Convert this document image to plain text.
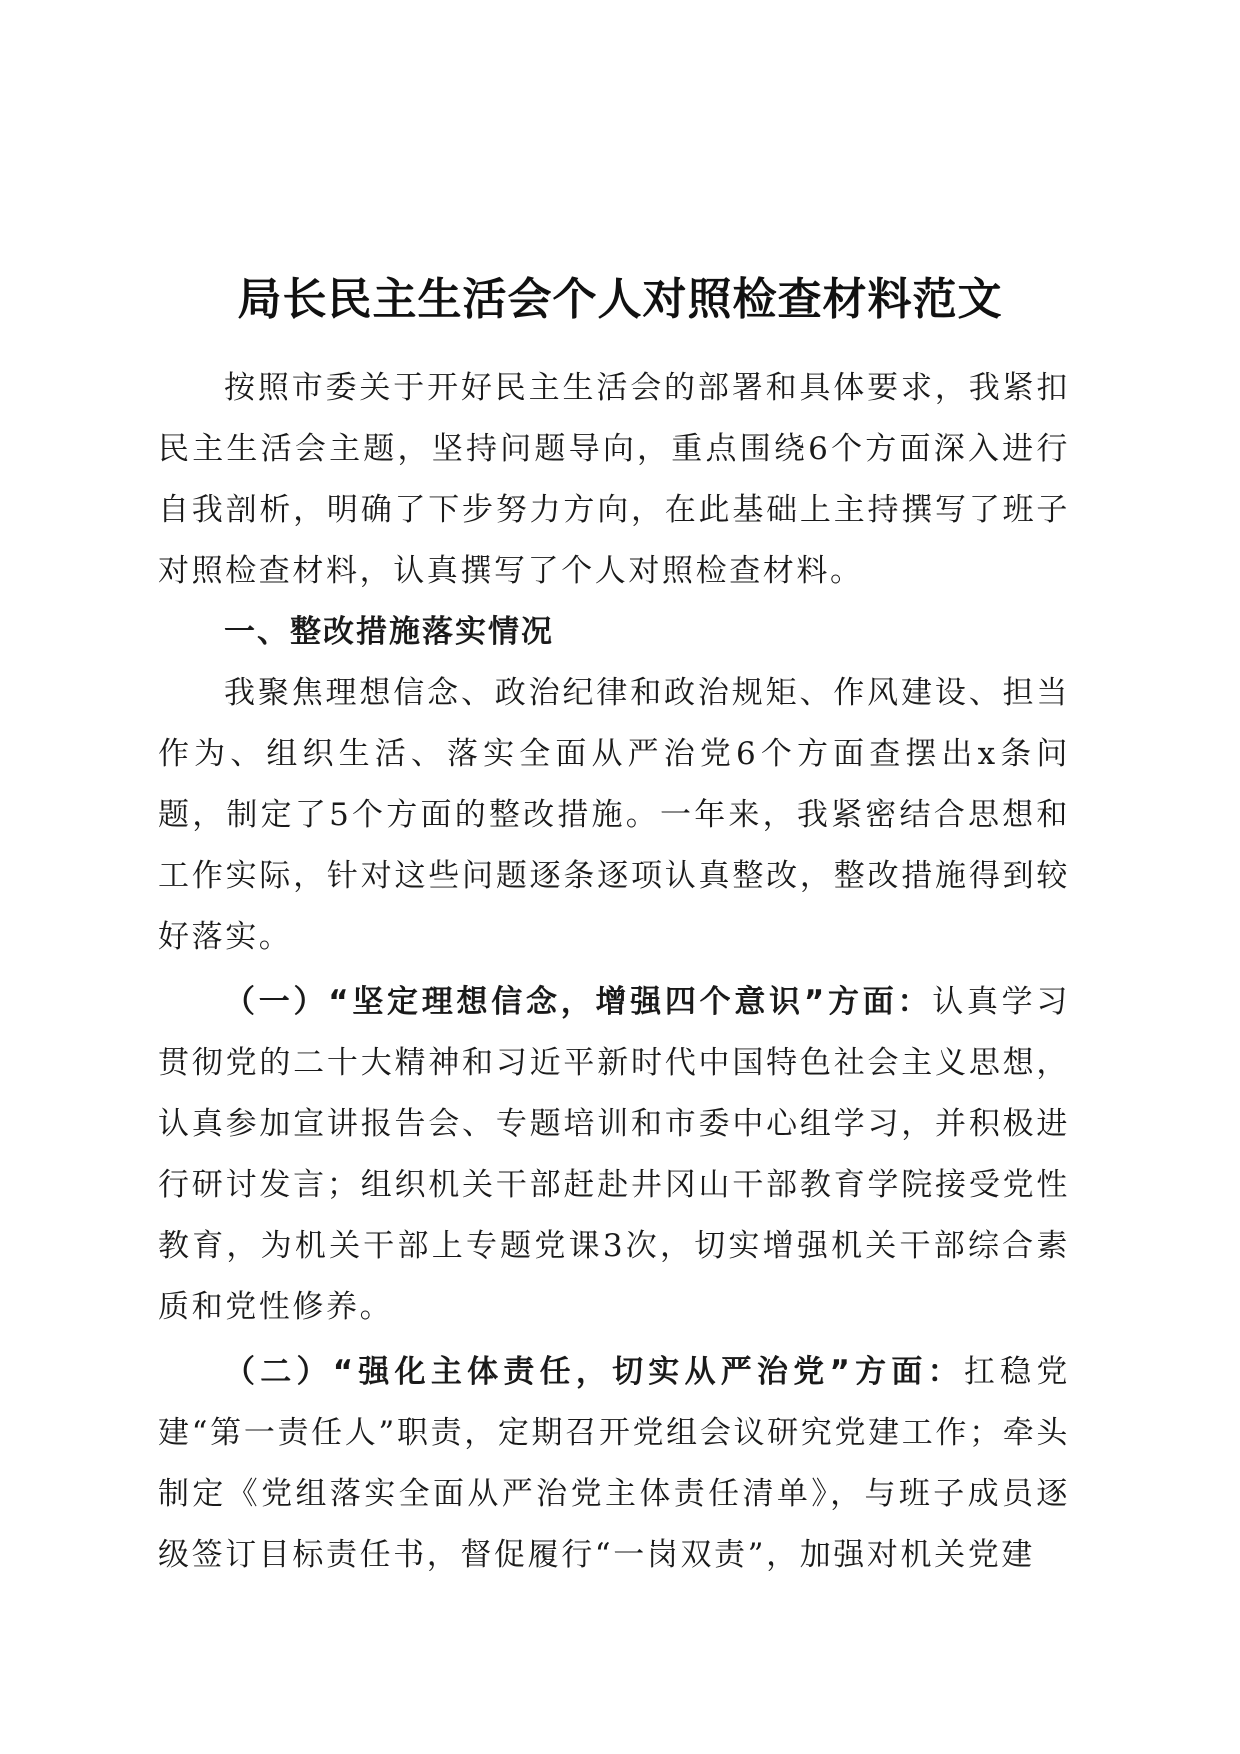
局长民主生活会个人对照检查材料范文

按照市委关于开好民主生活会的部署和具体要求，我紧扣民主生活会主题，坚持问题导向，重点围绕6个方面深入进行自我剖析，明确了下步努力方向，在此基础上主持撰写了班子对照检查材料，认真撰写了个人对照检查材料。

一、整改措施落实情况

我聚焦理想信念、政治纪律和政治规矩、作风建设、担当作为、组织生活、落实全面从严治党6个方面查摆出x条问题，制定了5个方面的整改措施。一年来，我紧密结合思想和工作实际，针对这些问题逐条逐项认真整改，整改措施得到较好落实。

（一）“坚定理想信念，增强四个意识”方面：认真学习贯彻党的二十大精神和习近平新时代中国特色社会主义思想，认真参加宣讲报告会、专题培训和市委中心组学习，并积极进行研讨发言；组织机关干部赶赴井冈山干部教育学院接受党性教育，为机关干部上专题党课3次，切实增强机关干部综合素质和党性修养。

（二）“强化主体责任，切实从严治党”方面：扛稳党建“第一责任人”职责，定期召开党组会议研究党建工作；牵头制定《党组落实全面从严治党主体责任清单》，与班子成员逐级签订目标责任书，督促履行“一岗双责”，加强对机关党建
